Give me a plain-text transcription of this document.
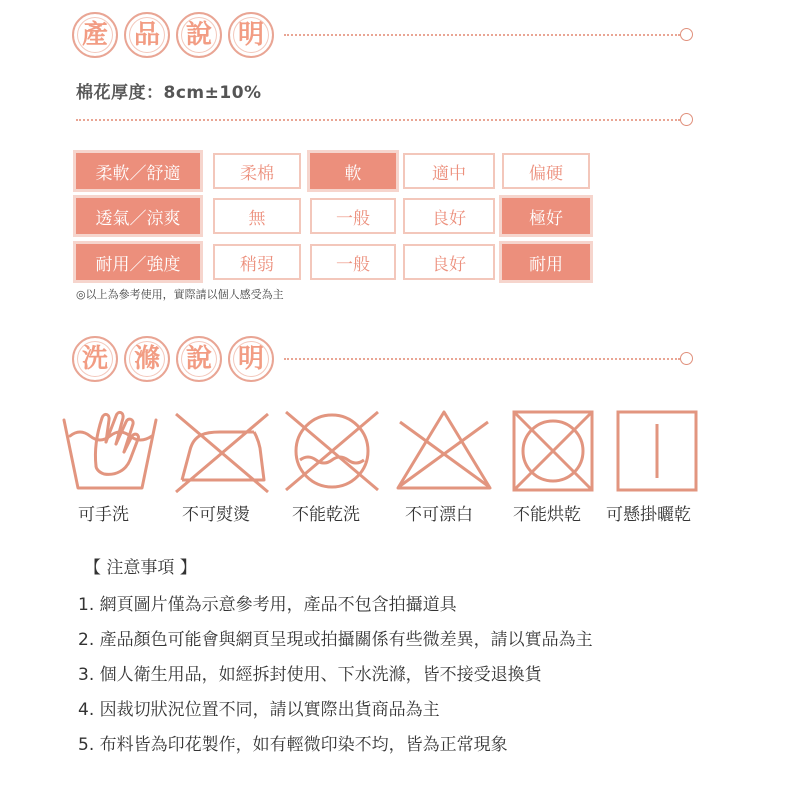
產 品 說 明
棉花厚度：8cm±10%
柔軟／舒適	柔棉	軟	適中	偏硬
透氣／涼爽	無	一般	良好	極好
耐用／強度	稍弱	一般	良好	耐用
◎以上為參考使用，實際請以個人感受為主
洗 滌 說 明
可手洗	不可熨燙 不能乾洗	不可漂白 不能烘乾 可懸掛曬乾
【 注意事項 】
1. 網頁圖片僅為示意參考用，產品不包含拍攝道具
2. 產品顏色可能會與網頁呈現或拍攝關係有些微差異，請以實品為主
3. 個人衛生用品，如經拆封使用、下水洗滌，皆不接受退換貨
4. 因裁切狀況位置不同，請以實際出貨商品為主
5. 布料皆為印花製作，如有輕微印染不均，皆為正常現象
